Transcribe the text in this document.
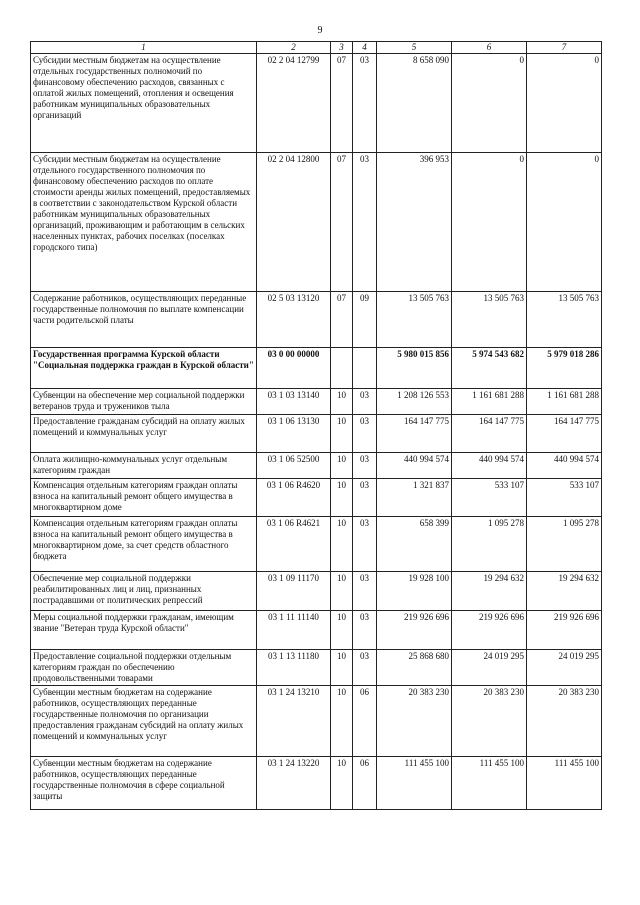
9
1	2	3	4	5	6	7
Субсидии местным бюджетам на осуществление отдельных государственных полномочий по финансовому обеспечению расходов, связанных с оплатой жилых помещений, отопления и освещения работникам муниципальных образовательных организаций	02 2 04 12799	07	03	8 658 090	0	0
Субсидии местным бюджетам на осуществление отдельного государственного полномочия по финансовому обеспечению расходов по оплате стоимости аренды жилых помещений, предоставляемых в соответствии с законодательством Курской области работникам муниципальных образовательных организаций, проживающим и работающим в сельских населенных пунктах, рабочих поселках (поселках городского типа)	02 2 04 12800	07	03	396 953	0	0
Содержание работников, осуществляющих переданные государственные полномочия по выплате компенсации части родительской платы	02 5 03 13120	07	09	13 505 763	13 505 763	13 505 763
Государственная программа Курской области "Социальная поддержка граждан в Курской области"	03 0 00 00000			5 980 015 856	5 974 543 682	5 979 018 286
Субвенции на обеспечение мер социальной поддержки ветеранов труда и тружеников тыла	03 1 03 13140	10	03	1 208 126 553	1 161 681 288	1 161 681 288
Предоставление гражданам субсидий на оплату жилых помещений и коммунальных услуг	03 1 06 13130	10	03	164 147 775	164 147 775	164 147 775
Оплата жилищно-коммунальных услуг отдельным категориям граждан	03 1 06 52500	10	03	440 994 574	440 994 574	440 994 574
Компенсация отдельным категориям граждан оплаты взноса на капитальный ремонт общего имущества в многоквартирном доме	03 1 06 R4620	10	03	1 321 837	533 107	533 107
Компенсация отдельным категориям граждан оплаты взноса на капитальный ремонт общего имущества в многоквартирном доме, за счет средств областного бюджета	03 1 06 R4621	10	03	658 399	1 095 278	1 095 278
Обеспечение мер социальной поддержки реабилитированных лиц и лиц, признанных пострадавшими от политических репрессий	03 1 09 11170	10	03	19 928 100	19 294 632	19 294 632
Меры социальной поддержки гражданам, имеющим звание "Ветеран труда Курской области"	03 1 11 11140	10	03	219 926 696	219 926 696	219 926 696
Предоставление социальной поддержки отдельным категориям граждан по обеспечению продовольственными товарами	03 1 13 11180	10	03	25 868 680	24 019 295	24 019 295
Субвенции местным бюджетам на содержание работников, осуществляющих переданные государственные полномочия по организации предоставления гражданам субсидий на оплату жилых помещений и коммунальных услуг	03 1 24 13210	10	06	20 383 230	20 383 230	20 383 230
Субвенции местным бюджетам на содержание работников, осуществляющих переданные государственные полномочия в сфере социальной защиты	03 1 24 13220	10	06	111 455 100	111 455 100	111 455 100
